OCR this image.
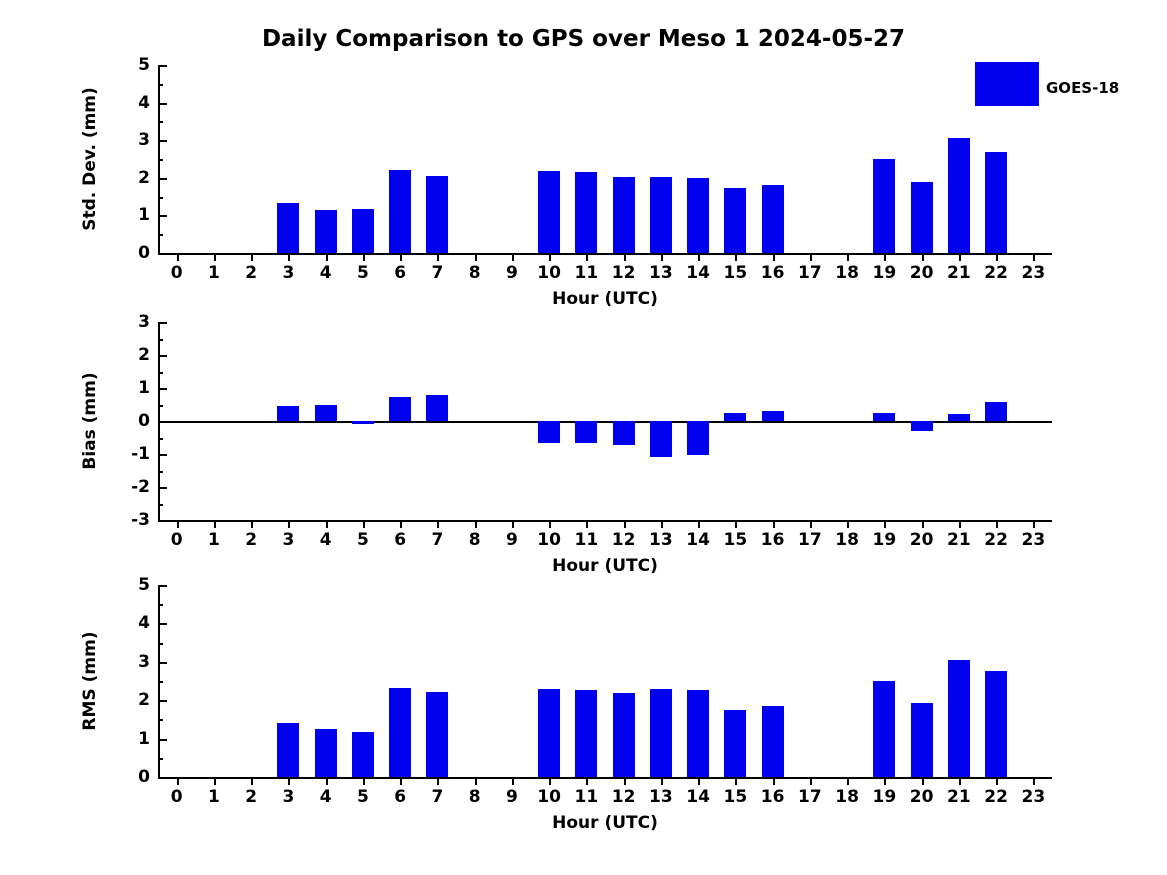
Daily Comparison to GPS over Meso 1 2024-05-27
0
1
2
3
4
5
0 1 2 3 4 5 6 7 8 9 10 11 12 13 14 15 16 17 18 19 20 21 22 23
Hour (UTC)
Std. Dev. (mm)	GOES-18
-3
-2
-1
0
1
2
3
0 1 2 3 4 5 6 7 8 9 10 11 12 13 14 15 16 17 18 19 20 21 22 23
Hour (UTC)
Bias (mm)
0
1
2
3
4
5
0 1 2 3 4 5 6 7 8 9 10 11 12 13 14 15 16 17 18 19 20 21 22 23
Hour (UTC)
RMS (mm)
